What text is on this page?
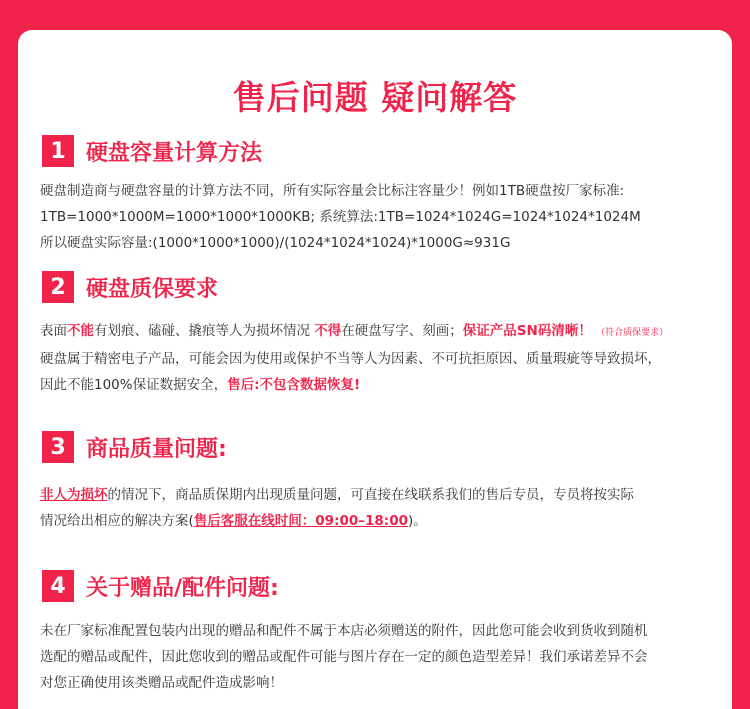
售后问题 疑问解答
1 硬盘容量计算方法
硬盘制造商与硬盘容量的计算方法不同，所有实际容量会比标注容量少！例如1TB硬盘按厂家标准:
1TB=1000*1000M=1000*1000*1000KB; 系统算法:1TB=1024*1024G=1024*1024*1024M
所以硬盘实际容量:(1000*1000*1000)/(1024*1024*1024)*1000G≈931G
2 硬盘质保要求
表面不能有划痕、磕碰、撬痕等人为损坏情况 不得在硬盘写字、刻画；保证产品SN码清晰！ （符合质保要求）
硬盘属于精密电子产品，可能会因为使用或保护不当等人为因素、不可抗拒原因、质量瑕疵等导致损坏，
因此不能100%保证数据安全，售后:不包含数据恢复!
3 商品质量问题:
非人为损坏的情况下，商品质保期内出现质量问题，可直接在线联系我们的售后专员，专员将按实际
情况给出相应的解决方案(售后客服在线时间：09:00–18:00)。
4 关于赠品/配件问题:
未在厂家标准配置包装内出现的赠品和配件不属于本店必须赠送的附件，因此您可能会收到货收到随机
选配的赠品或配件，因此您收到的赠品或配件可能与图片存在一定的颜色造型差异！我们承诺差异不会
对您正确使用该类赠品或配件造成影响！
